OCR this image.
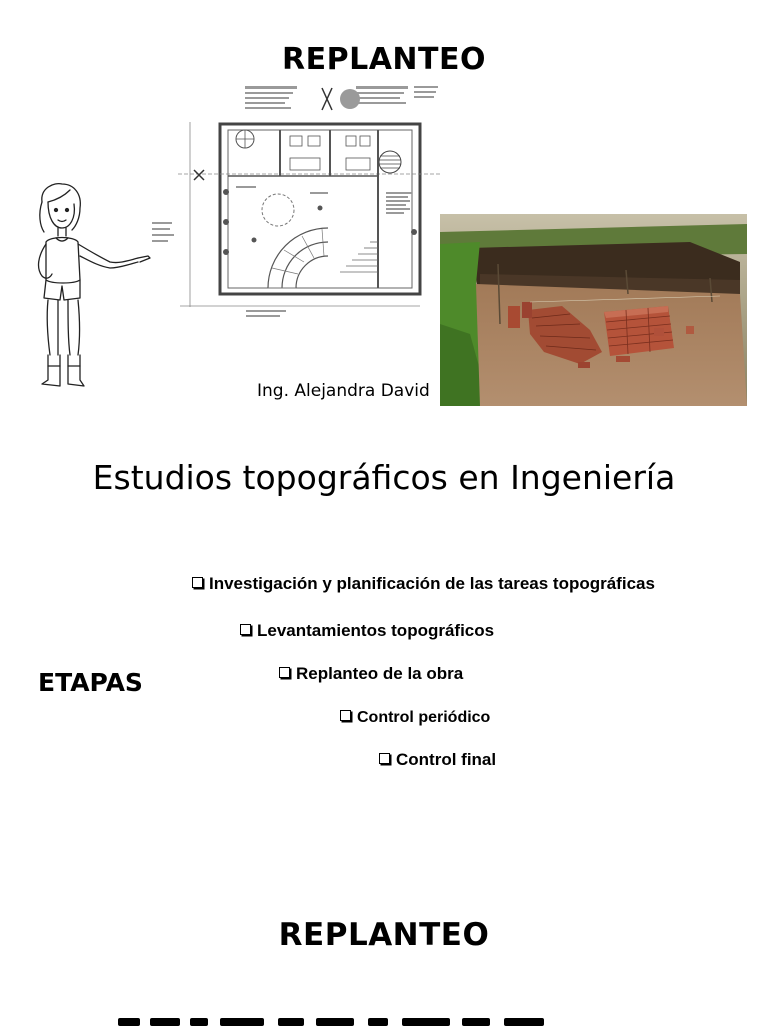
REPLANTEO
Ing. Alejandra David
Estudios topográficos en Ingeniería
ETAPAS
Investigación y planificación de las tareas topográficas
Levantamientos topográficos
Replanteo de la obra
Control periódico
Control final
REPLANTEO
